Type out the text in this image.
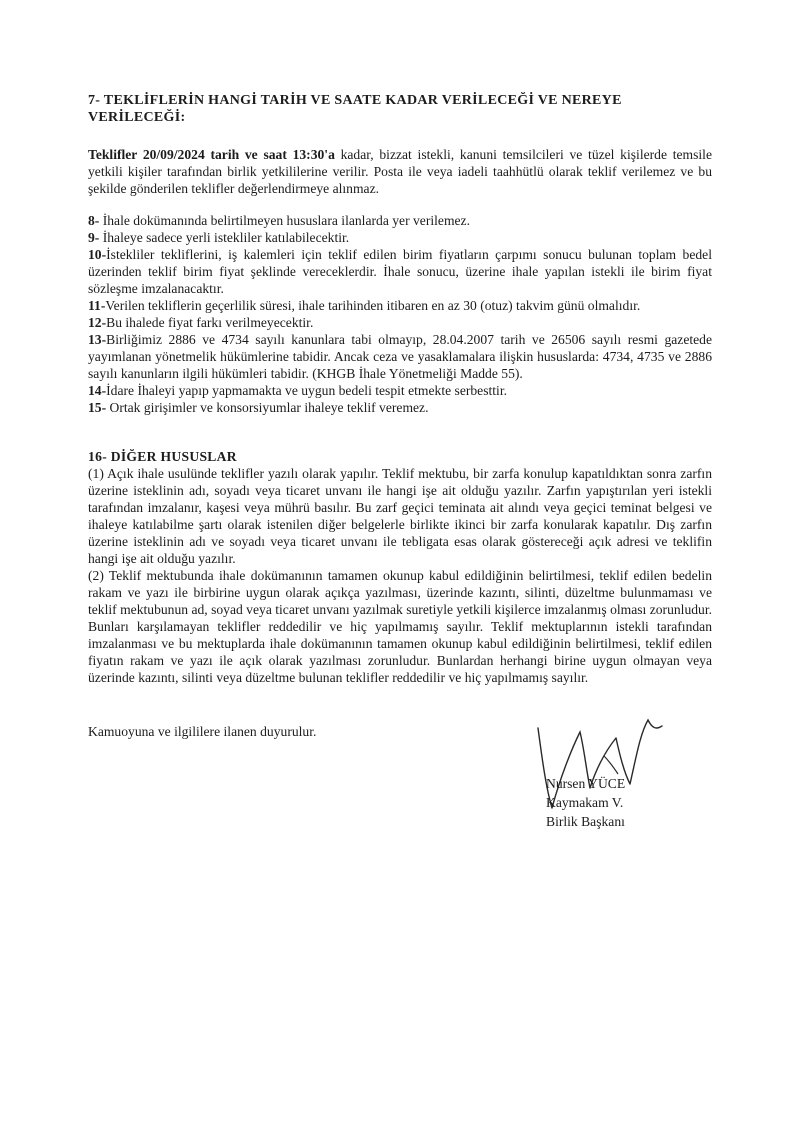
7- TEKLİFLERİN HANGİ TARİH VE SAATE KADAR VERİLECEĞİ VE NEREYE VERİLECEĞİ:
Teklifler 20/09/2024 tarih ve saat 13:30'a kadar, bizzat istekli, kanuni temsilcileri ve tüzel kişilerde temsile yetkili kişiler tarafından birlik yetkililerine verilir. Posta ile veya iadeli taahhütlü olarak teklif verilemez ve bu şekilde gönderilen teklifler değerlendirmeye alınmaz.

8- İhale dokümanında belirtilmeyen hususlara ilanlarda yer verilemez.

9- İhaleye sadece yerli istekliler katılabilecektir.

10-İstekliler tekliflerini, iş kalemleri için teklif edilen birim fiyatların çarpımı sonucu bulunan toplam bedel üzerinden teklif birim fiyat şeklinde vereceklerdir. İhale sonucu, üzerine ihale yapılan istekli ile birim fiyat sözleşme imzalanacaktır.

11-Verilen tekliflerin geçerlilik süresi, ihale tarihinden itibaren en az 30 (otuz) takvim günü olmalıdır.

12-Bu ihalede fiyat farkı verilmeyecektir.

13-Birliğimiz 2886 ve 4734 sayılı kanunlara tabi olmayıp, 28.04.2007 tarih ve 26506 sayılı resmi gazetede yayımlanan yönetmelik hükümlerine tabidir. Ancak ceza ve yasaklamalara ilişkin hususlarda: 4734, 4735 ve 2886 sayılı kanunların ilgili hükümleri tabidir. (KHGB İhale Yönetmeliği Madde 55).

14-İdare İhaleyi yapıp yapmamakta ve uygun bedeli tespit etmekte serbesttir.

15- Ortak girişimler ve konsorsiyumlar ihaleye teklif veremez.

16- DİĞER HUSUSLAR

(1) Açık ihale usulünde teklifler yazılı olarak yapılır. Teklif mektubu, bir zarfa konulup kapatıldıktan sonra zarfın üzerine isteklinin adı, soyadı veya ticaret unvanı ile hangi işe ait olduğu yazılır. Zarfın yapıştırılan yeri istekli tarafından imzalanır, kaşesi veya mührü basılır. Bu zarf geçici teminata ait alındı veya geçici teminat belgesi ve ihaleye katılabilme şartı olarak istenilen diğer belgelerle birlikte ikinci bir zarfa konularak kapatılır. Dış zarfın üzerine isteklinin adı ve soyadı veya ticaret unvanı ile tebligata esas olarak göstereceği açık adresi ve teklifin hangi işe ait olduğu yazılır.

(2) Teklif mektubunda ihale dokümanının tamamen okunup kabul edildiğinin belirtilmesi, teklif edilen bedelin rakam ve yazı ile birbirine uygun olarak açıkça yazılması, üzerinde kazıntı, silinti, düzeltme bulunmaması ve teklif mektubunun ad, soyad veya ticaret unvanı yazılmak suretiyle yetkili kişilerce imzalanmış olması zorunludur. Bunları karşılamayan teklifler reddedilir ve hiç yapılmamış sayılır. Teklif mektuplarının istekli tarafından imzalanması ve bu mektuplarda ihale dokümanının tamamen okunup kabul edildiğinin belirtilmesi, teklif edilen fiyatın rakam ve yazı ile açık olarak yazılması zorunludur. Bunlardan herhangi birine uygun olmayan veya üzerinde kazıntı, silinti veya düzeltme bulunan teklifler reddedilir ve hiç yapılmamış sayılır.

Kamuoyuna ve ilgililere ilanen duyurulur.
Nursen YÜCE
Kaymakam V.
Birlik Başkanı
